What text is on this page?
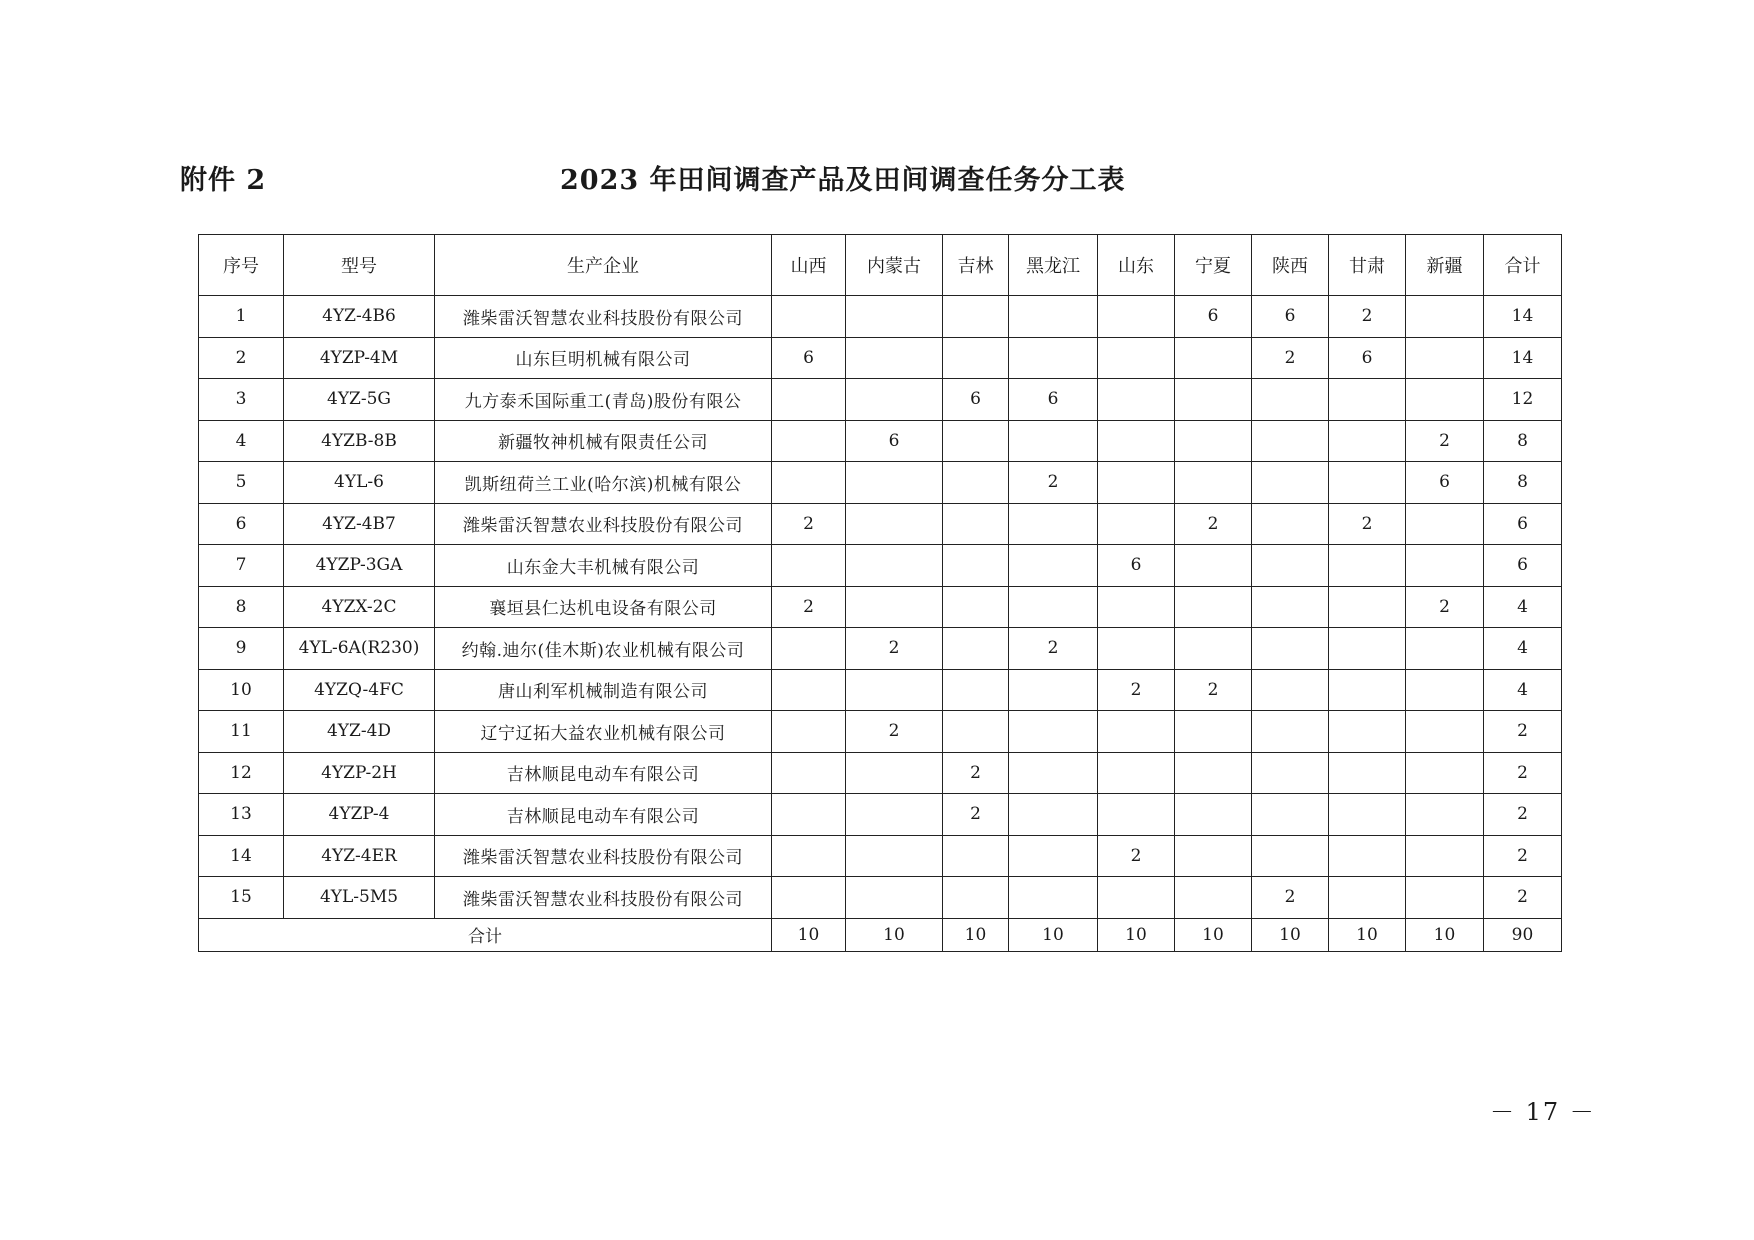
附件 2	2023 年田间调查产品及田间调查任务分工表
序号	型号	生产企业	山西	内蒙古	吉林	黑龙江	山东	宁夏	陕西	甘肃	新疆	合计
1	4YZ-4B6	潍柴雷沃智慧农业科技股份有限公司						6	6	2		14
2	4YZP-4M	山东巨明机械有限公司	6						2	6		14
3	4YZ-5G	九方泰禾国际重工(青岛)股份有限公			6	6						12
4	4YZB-8B	新疆牧神机械有限责任公司		6							2	8
5	4YL-6	凯斯纽荷兰工业(哈尔滨)机械有限公				2					6	8
6	4YZ-4B7	潍柴雷沃智慧农业科技股份有限公司	2					2		2		6
7	4YZP-3GA	山东金大丰机械有限公司					6					6
8	4YZX-2C	襄垣县仁达机电设备有限公司	2								2	4
9	4YL-6A(R230)	约翰.迪尔(佳木斯)农业机械有限公司		2		2						4
10	4YZQ-4FC	唐山利军机械制造有限公司					2	2				4
11	4YZ-4D	辽宁辽拓大益农业机械有限公司		2								2
12	4YZP-2H	吉林顺昆电动车有限公司			2							2
13	4YZP-4	吉林顺昆电动车有限公司			2							2
14	4YZ-4ER	潍柴雷沃智慧农业科技股份有限公司					2					2
15	4YL-5M5	潍柴雷沃智慧农业科技股份有限公司							2			2
合计			10	10	10	10	10	10	10	10	10	90
－ 17 －
